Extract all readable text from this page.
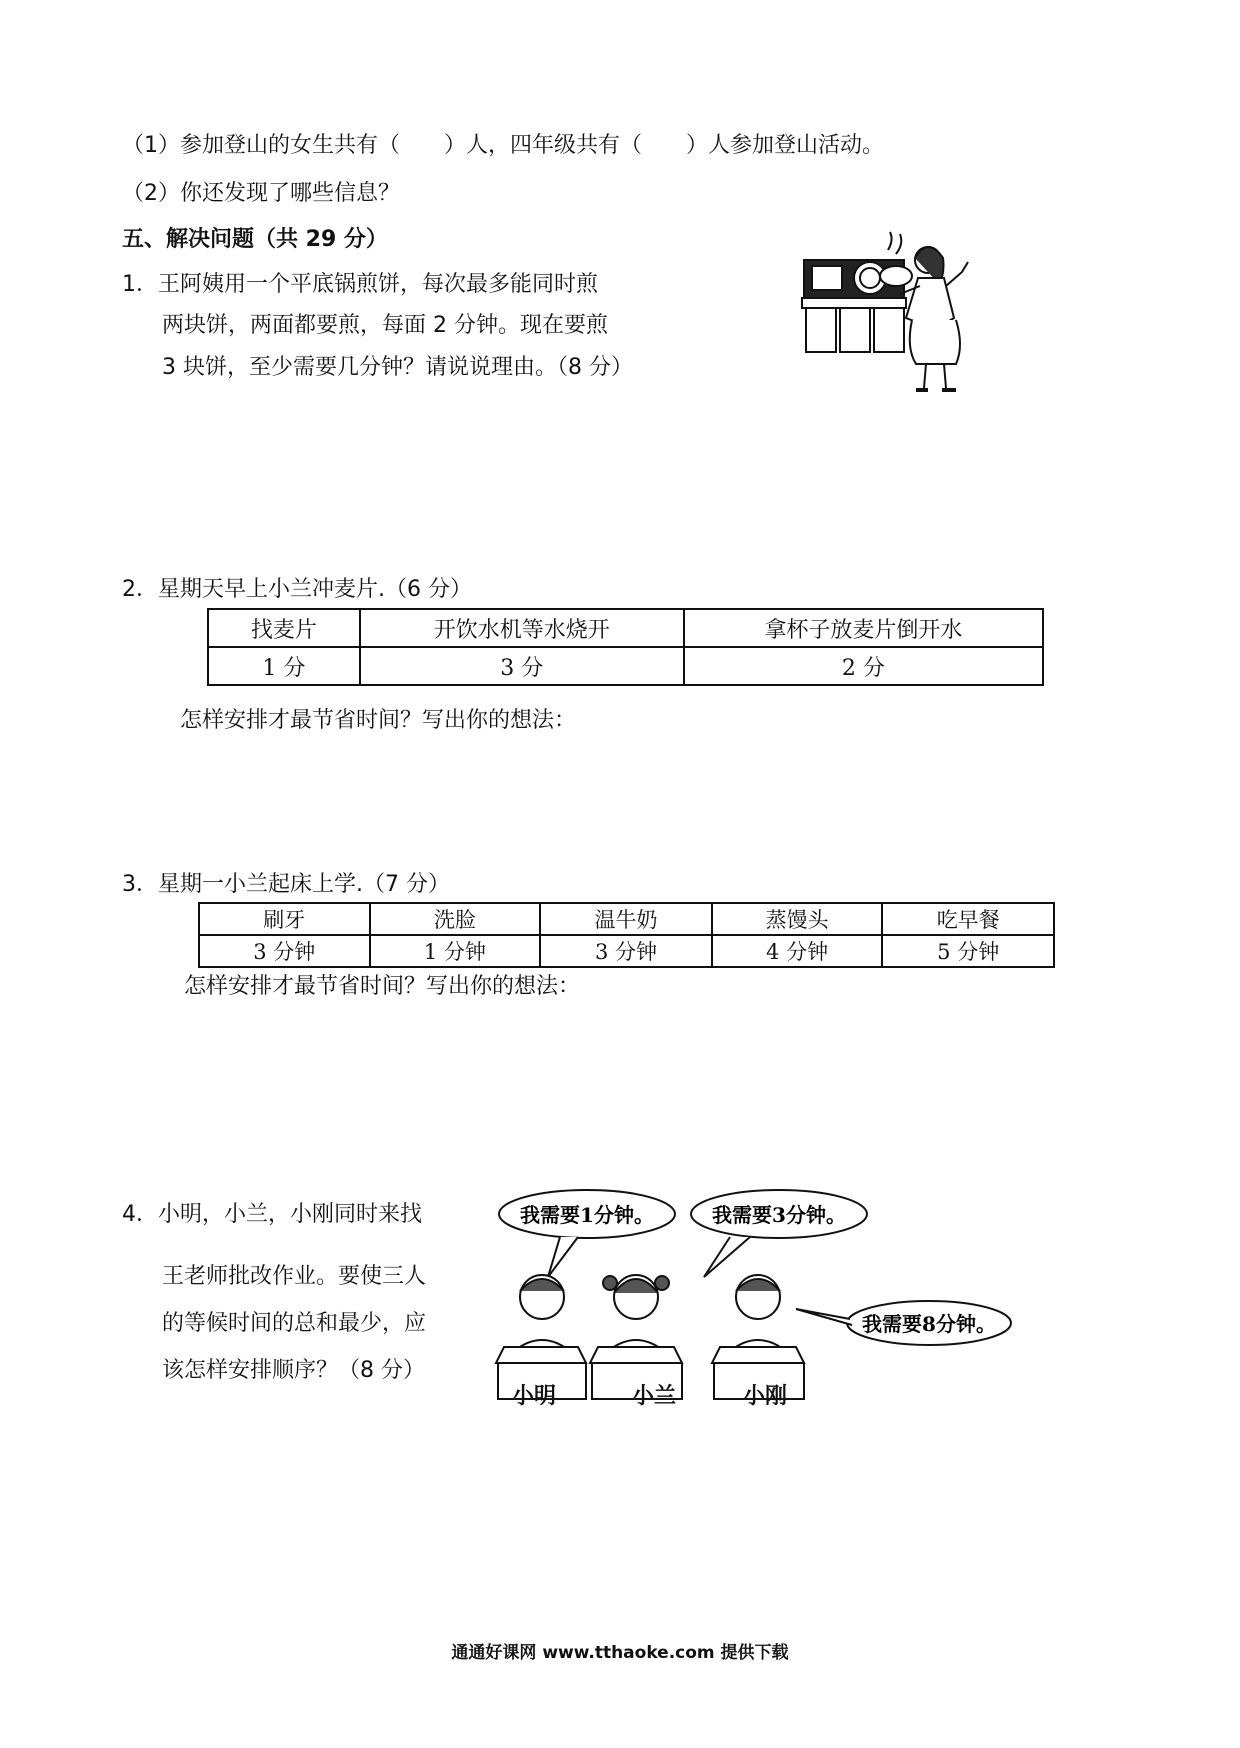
（1）参加登山的女生共有（　　）人，四年级共有（　　）人参加登山活动。
（2）你还发现了哪些信息？
五、解决问题（共 29 分）
1．王阿姨用一个平底锅煎饼，每次最多能同时煎
两块饼，两面都要煎，每面 2 分钟。现在要煎
3 块饼，至少需要几分钟？请说说理由。（8 分）
2．星期天早上小兰冲麦片.（6 分）
找麦片	开饮水机等水烧开	拿杯子放麦片倒开水
1 分	3 分	2 分
怎样安排才最节省时间？写出你的想法：
3．星期一小兰起床上学.（7 分）
刷牙	洗脸	温牛奶	蒸馒头	吃早餐
3 分钟	1 分钟	3 分钟	4 分钟	5 分钟
怎样安排才最节省时间？写出你的想法：
4．小明，小兰，小刚同时来找
王老师批改作业。要使三人
的等候时间的总和最少，应
该怎样安排顺序？（8 分）
我需要1分钟。	我需要3分钟。
我需要8分钟。
小明	小兰	小刚
通通好课网 www.tthaoke.com 提供下载
